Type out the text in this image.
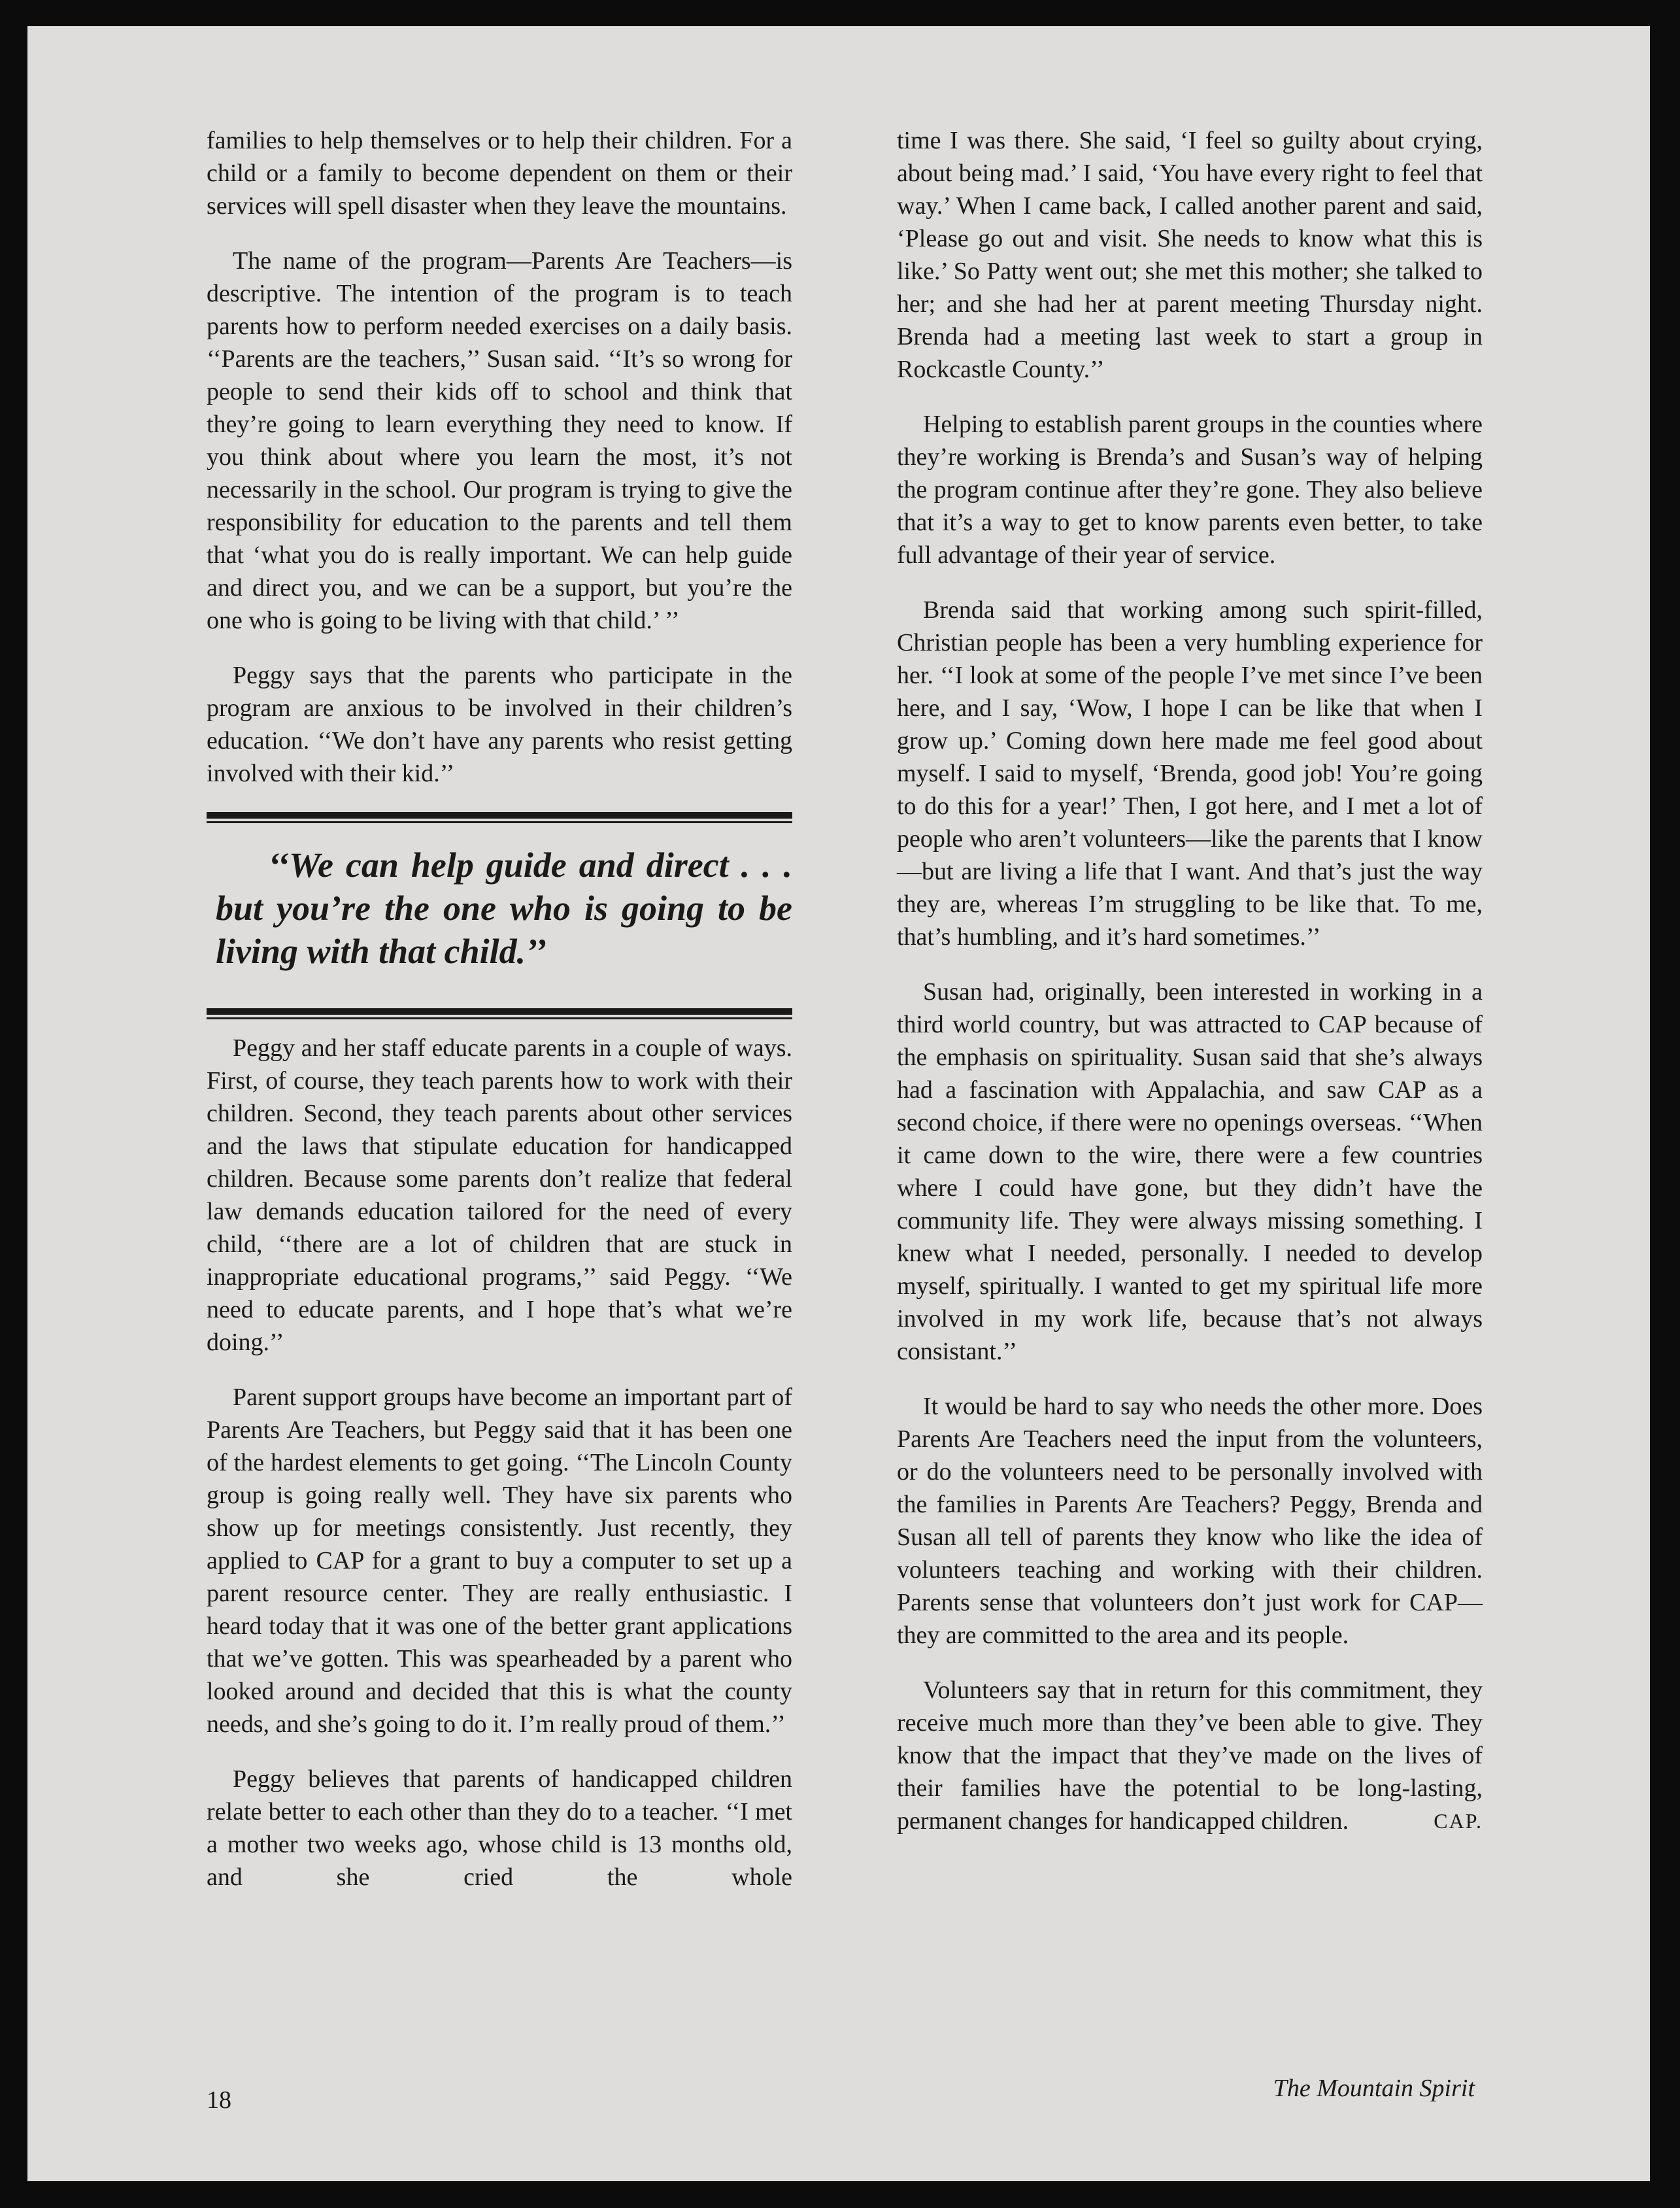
families to help themselves or to help their children. For a child or a family to become dependent on them or their services will spell disaster when they leave the mountains.

The name of the program—Parents Are Teachers—is descriptive. The intention of the program is to teach parents how to perform needed exercises on a daily basis. ‘‘Parents are the teachers,’’ Susan said. ‘‘It’s so wrong for people to send their kids off to school and think that they’re going to learn everything they need to know. If you think about where you learn the most, it’s not necessarily in the school. Our program is trying to give the responsibility for education to the parents and tell them that ‘what you do is really important. We can help guide and direct you, and we can be a support, but you’re the one who is going to be living with that child.’ ’’

Peggy says that the parents who participate in the program are anxious to be involved in their children’s education. ‘‘We don’t have any parents who resist getting involved with their kid.’’

‘‘We can help guide and direct . . . but you’re the one who is going to be living with that child.’’

Peggy and her staff educate parents in a couple of ways. First, of course, they teach parents how to work with their children. Second, they teach parents about other services and the laws that stipulate education for handicapped children. Because some parents don’t realize that federal law demands education tailored for the need of every child, ‘‘there are a lot of children that are stuck in inappropriate educational programs,’’ said Peggy. ‘‘We need to educate parents, and I hope that’s what we’re doing.’’

Parent support groups have become an important part of Parents Are Teachers, but Peggy said that it has been one of the hardest elements to get going. ‘‘The Lincoln County group is going really well. They have six parents who show up for meetings consistently. Just recently, they applied to CAP for a grant to buy a computer to set up a parent resource center. They are really enthusiastic. I heard today that it was one of the better grant applications that we’ve gotten. This was spearheaded by a parent who looked around and decided that this is what the county needs, and she’s going to do it. I’m really proud of them.’’

Peggy believes that parents of handicapped children relate better to each other than they do to a teacher. ‘‘I met a mother two weeks ago, whose child is 13 months old, and she cried the whole

time I was there. She said, ‘I feel so guilty about crying, about being mad.’ I said, ‘You have every right to feel that way.’ When I came back, I called another parent and said, ‘Please go out and visit. She needs to know what this is like.’ So Patty went out; she met this mother; she talked to her; and she had her at parent meeting Thursday night. Brenda had a meeting last week to start a group in Rockcastle County.’’

Helping to establish parent groups in the counties where they’re working is Brenda’s and Susan’s way of helping the program continue after they’re gone. They also believe that it’s a way to get to know parents even better, to take full advantage of their year of service.

Brenda said that working among such spirit-filled, Christian people has been a very humbling experience for her. ‘‘I look at some of the people I’ve met since I’ve been here, and I say, ‘Wow, I hope I can be like that when I grow up.’ Coming down here made me feel good about myself. I said to myself, ‘Brenda, good job! You’re going to do this for a year!’ Then, I got here, and I met a lot of people who aren’t volunteers—like the parents that I know—but are living a life that I want. And that’s just the way they are, whereas I’m struggling to be like that. To me, that’s humbling, and it’s hard sometimes.’’

Susan had, originally, been interested in working in a third world country, but was attracted to CAP because of the emphasis on spirituality. Susan said that she’s always had a fascination with Appalachia, and saw CAP as a second choice, if there were no openings overseas. ‘‘When it came down to the wire, there were a few countries where I could have gone, but they didn’t have the community life. They were always missing something. I knew what I needed, personally. I needed to develop myself, spiritually. I wanted to get my spiritual life more involved in my work life, because that’s not always consistant.’’

It would be hard to say who needs the other more. Does Parents Are Teachers need the input from the volunteers, or do the volunteers need to be personally involved with the families in Parents Are Teachers? Peggy, Brenda and Susan all tell of parents they know who like the idea of volunteers teaching and working with their children. Parents sense that volunteers don’t just work for CAP—they are committed to the area and its people.

Volunteers say that in return for this commitment, they receive much more than they’ve been able to give. They know that the impact that they’ve made on the lives of their families have the potential to be long-lasting, permanent changes for handicapped children.	CAP.

18	The Mountain Spirit
